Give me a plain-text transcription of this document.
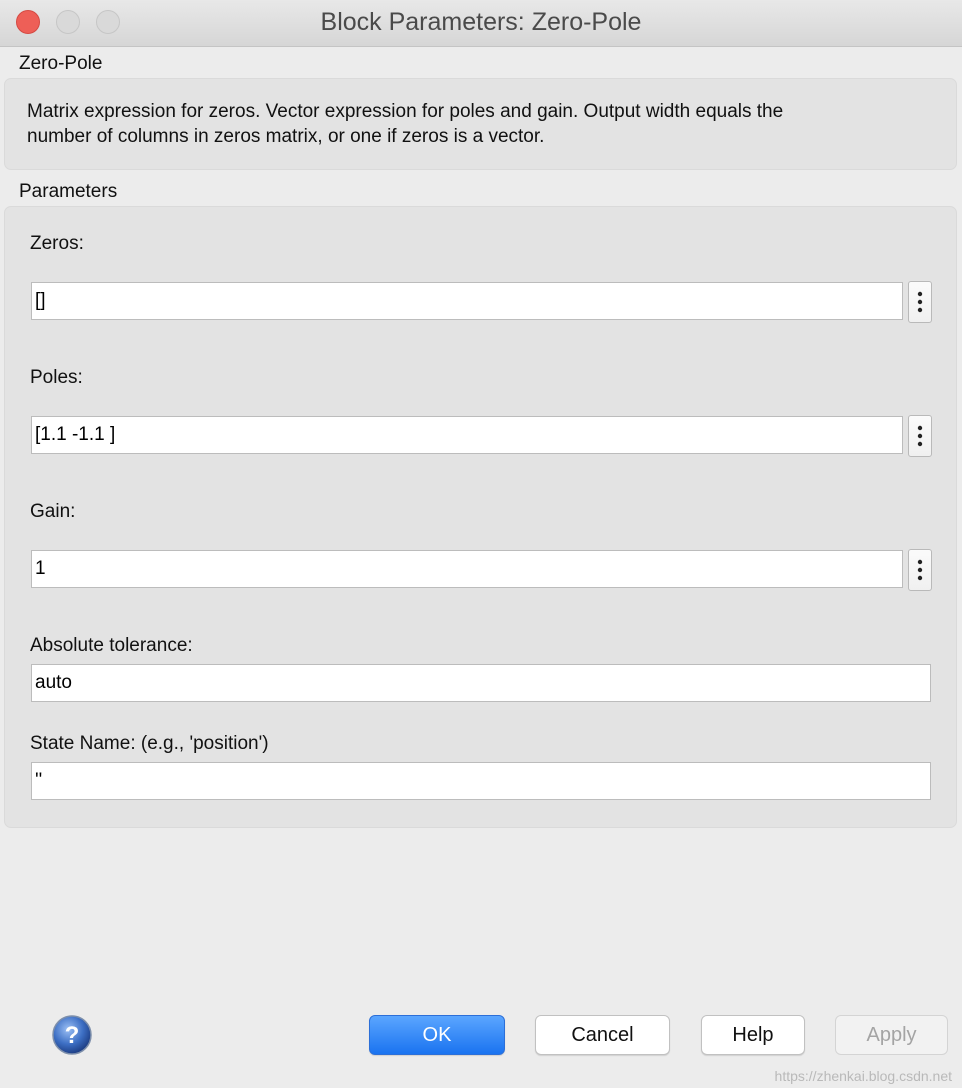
Block Parameters: Zero-Pole
Zero-Pole
Matrix expression for zeros. Vector expression for poles and gain. Output width equals the
number of columns in zeros matrix, or one if zeros is a vector.
Parameters
Zeros:
[]
Poles:
[1.1 -1.1 ]
Gain:
1
Absolute tolerance:
auto
State Name: (e.g., 'position')
''
?	OK	Cancel	Help	Apply
https://zhenkai.blog.csdn.net
